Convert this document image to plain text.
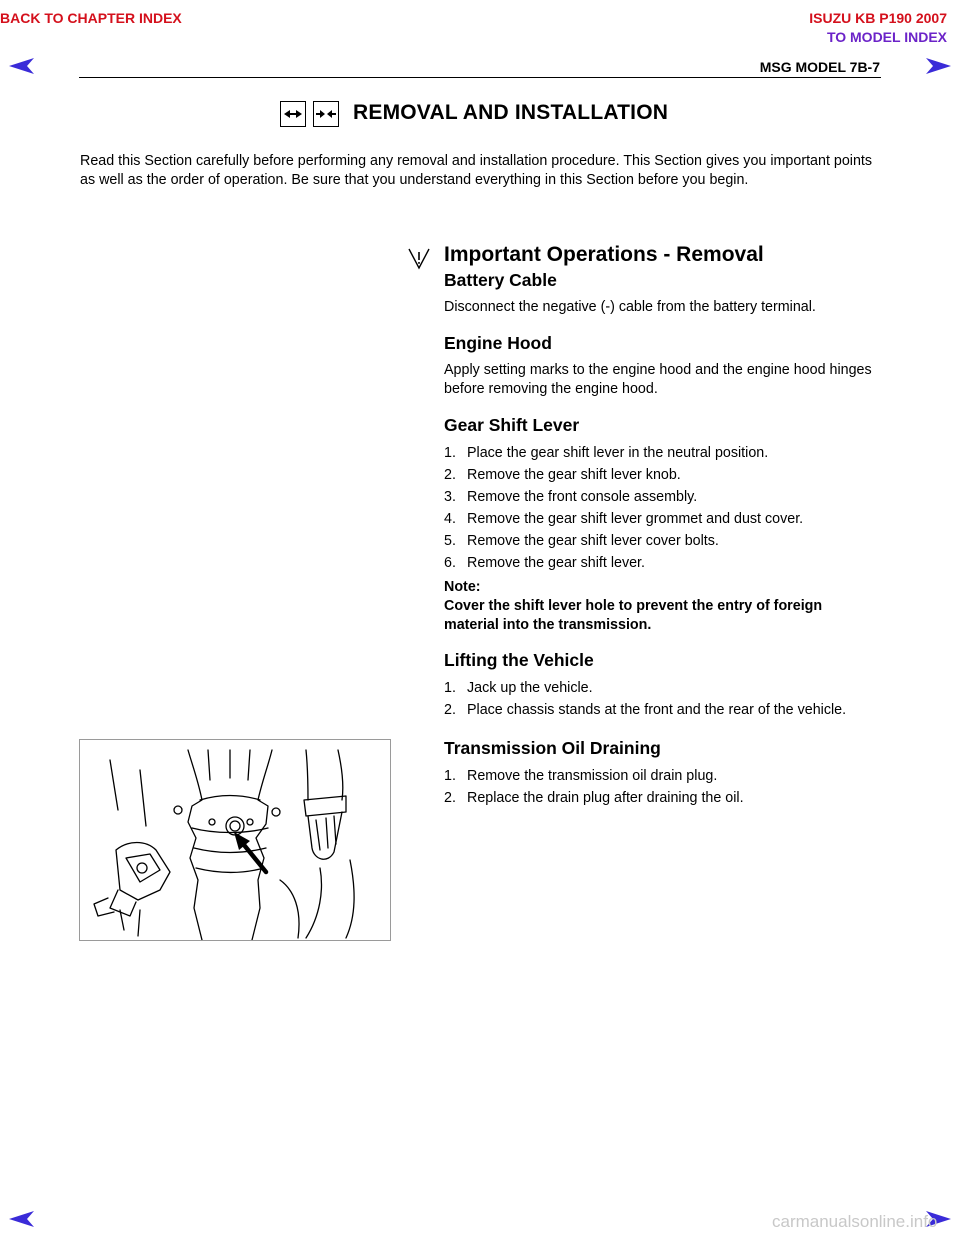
BACK TO CHAPTER INDEX	ISUZU KB P190 2007
TO MODEL INDEX
MSG MODEL 7B-7
REMOVAL AND INSTALLATION
Read this Section carefully before performing any removal and installation procedure. This Section gives you important points as well as the order of operation. Be sure that you understand everything in this Section before you begin.
Important Operations - Removal
Battery Cable
Disconnect the negative (-) cable from the battery terminal.
Engine Hood
Apply setting marks to the engine hood and the engine hood hinges before removing the engine hood.
Gear Shift Lever
1. Place the gear shift lever in the neutral position.
2. Remove the gear shift lever knob.
3. Remove the front console assembly.
4. Remove the gear shift lever grommet and dust cover.
5. Remove the gear shift lever cover bolts.
6. Remove the gear shift lever.
Note:
Cover the shift lever hole to prevent the entry of foreign material into the transmission.
Lifting the Vehicle
1. Jack up the vehicle.
2. Place chassis stands at the front and the rear of the vehicle.
Transmission Oil Draining
1. Remove the transmission oil drain plug.
2. Replace the drain plug after draining the oil.
carmanualsonline.info
